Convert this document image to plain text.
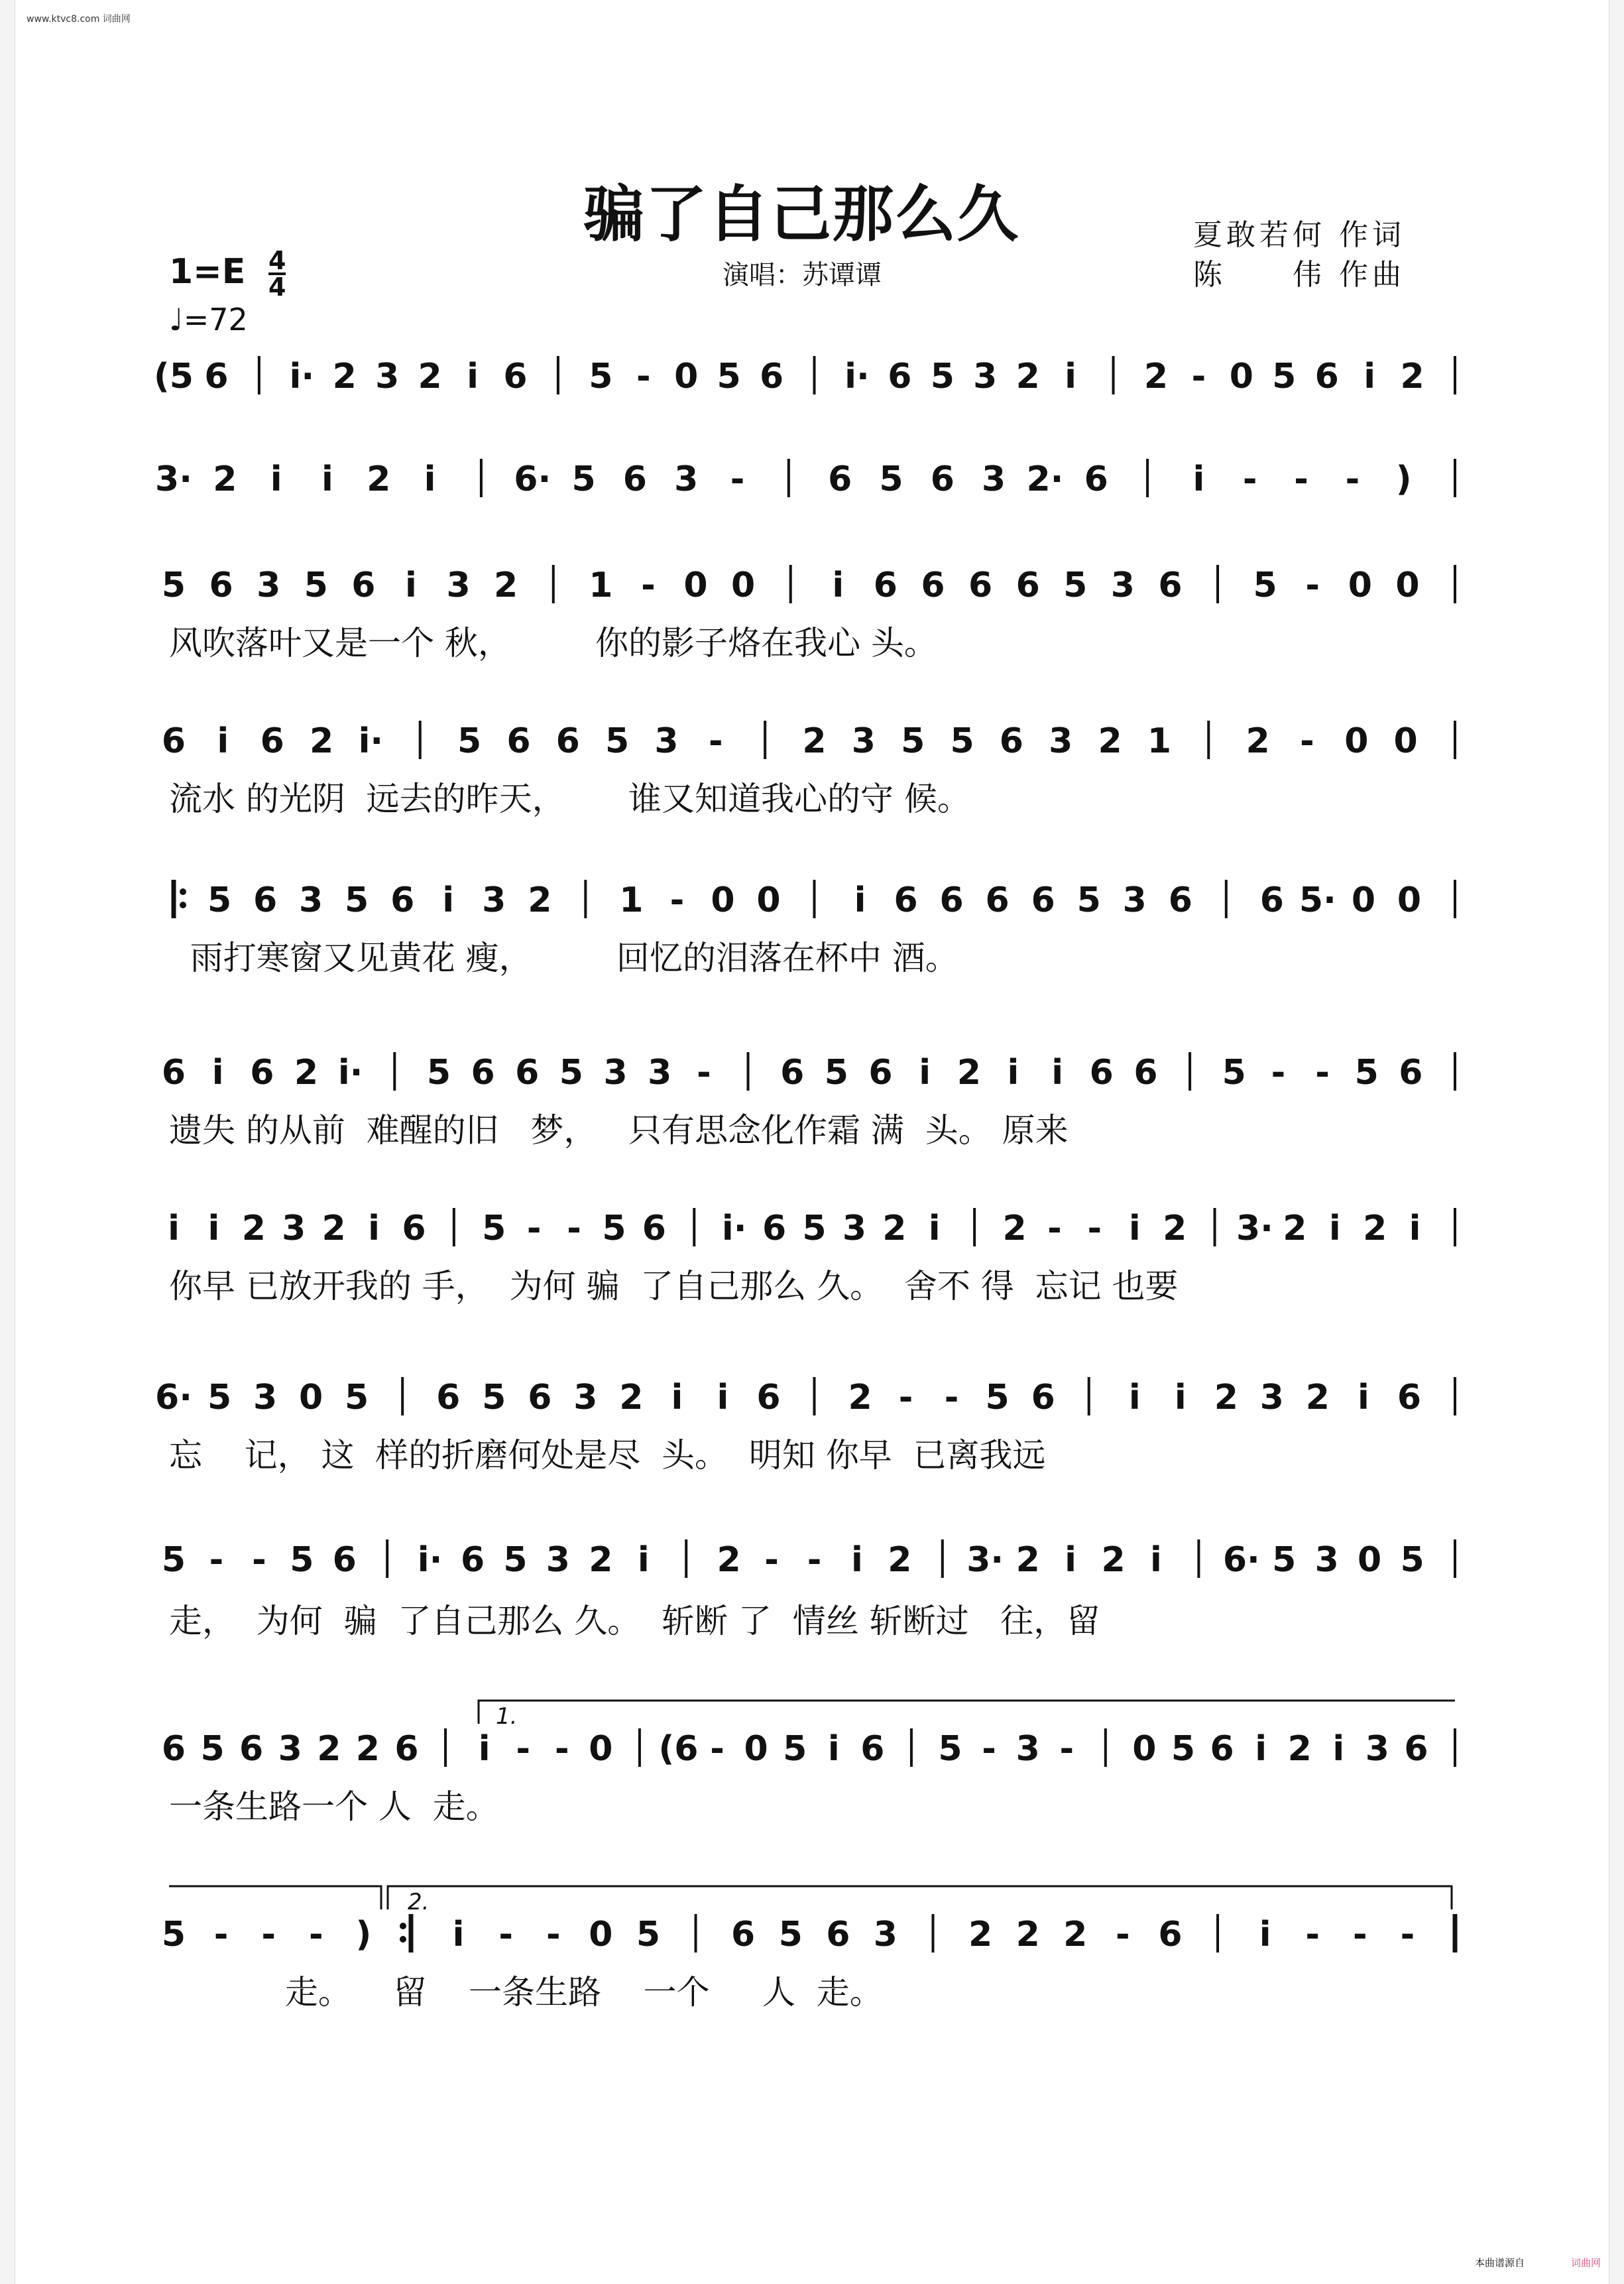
www.ktvc8.com 词曲网
骗了自己那么久
演唱：苏谭谭
夏敢若何 作词
陈　　伟 作曲
$1=E \frac{4}{4}$
♩=72
(5 6 i· 2 3 2 i 6 5 - 0 5 6 i· 6 5 3 2 i 2 - 0 5 6 i 2
3· 2 i i 2 i 6· 5 6 3 - 6 5 6 3 2· 6 i - - - )
5 6 3 5 6 i 3 2 1 - 0 0 i 6 6 6 6 5 3 6 5 - 0 0
6 i 6 2 i· 5 6 6 5 3 - 2 3 5 5 6 3 2 1 2 - 0 0
5 6 3 5 6 i 3 2 1 - 0 0 i 6 6 6 6 5 3 6 6 5· 0 0
6 i 6 2 i· 5 6 6 5 3 3 - 6 5 6 i 2 i i 6 6 5 - - 5 6
i i 2 3 2 i 6 5 - - 5 6 i· 6 5 3 2 i 2 - - i 2 3· 2 i 2 i
6· 5 3 0 5 6 5 6 3 2 i i 6 2 - - 5 6 i i 2 3 2 i 6
5 - - 5 6 i· 6 5 3 2 i 2 - - i 2 3· 2 i 2 i 6· 5 3 0 5
6 5 6 3 2 2 6 i - - 0 (6 - 0 5 i 6 5 - 3 - 0 5 6 i 2 i 3 6
5 - - - ) i - - 0 5 6 5 6 3 2 2 2 - 6 i - - -
1.
2.
风吹落叶又是一个 秋，        你的影子烙在我心 头。
流水 的光阴  远去的昨天，      谁又知道我心的守 候。
雨打寒窗又见黄花 瘦，        回忆的泪落在杯中 酒。
遗失 的从前  难醒的旧   梦，   只有思念化作霜 满  头。 原来
你早 已放开我的 手，  为何 骗  了自己那么 久。  舍不 得  忘记 也要
忘    记， 这  样的折磨何处是尽  头。  明知 你早  已离我远
走，  为何  骗  了自己那么 久。  斩断 了  情丝 斩断过   往，留
一条生路一个 人  走。
走。    留    一条生路    一个     人  走。
本曲谱源自	词曲网
